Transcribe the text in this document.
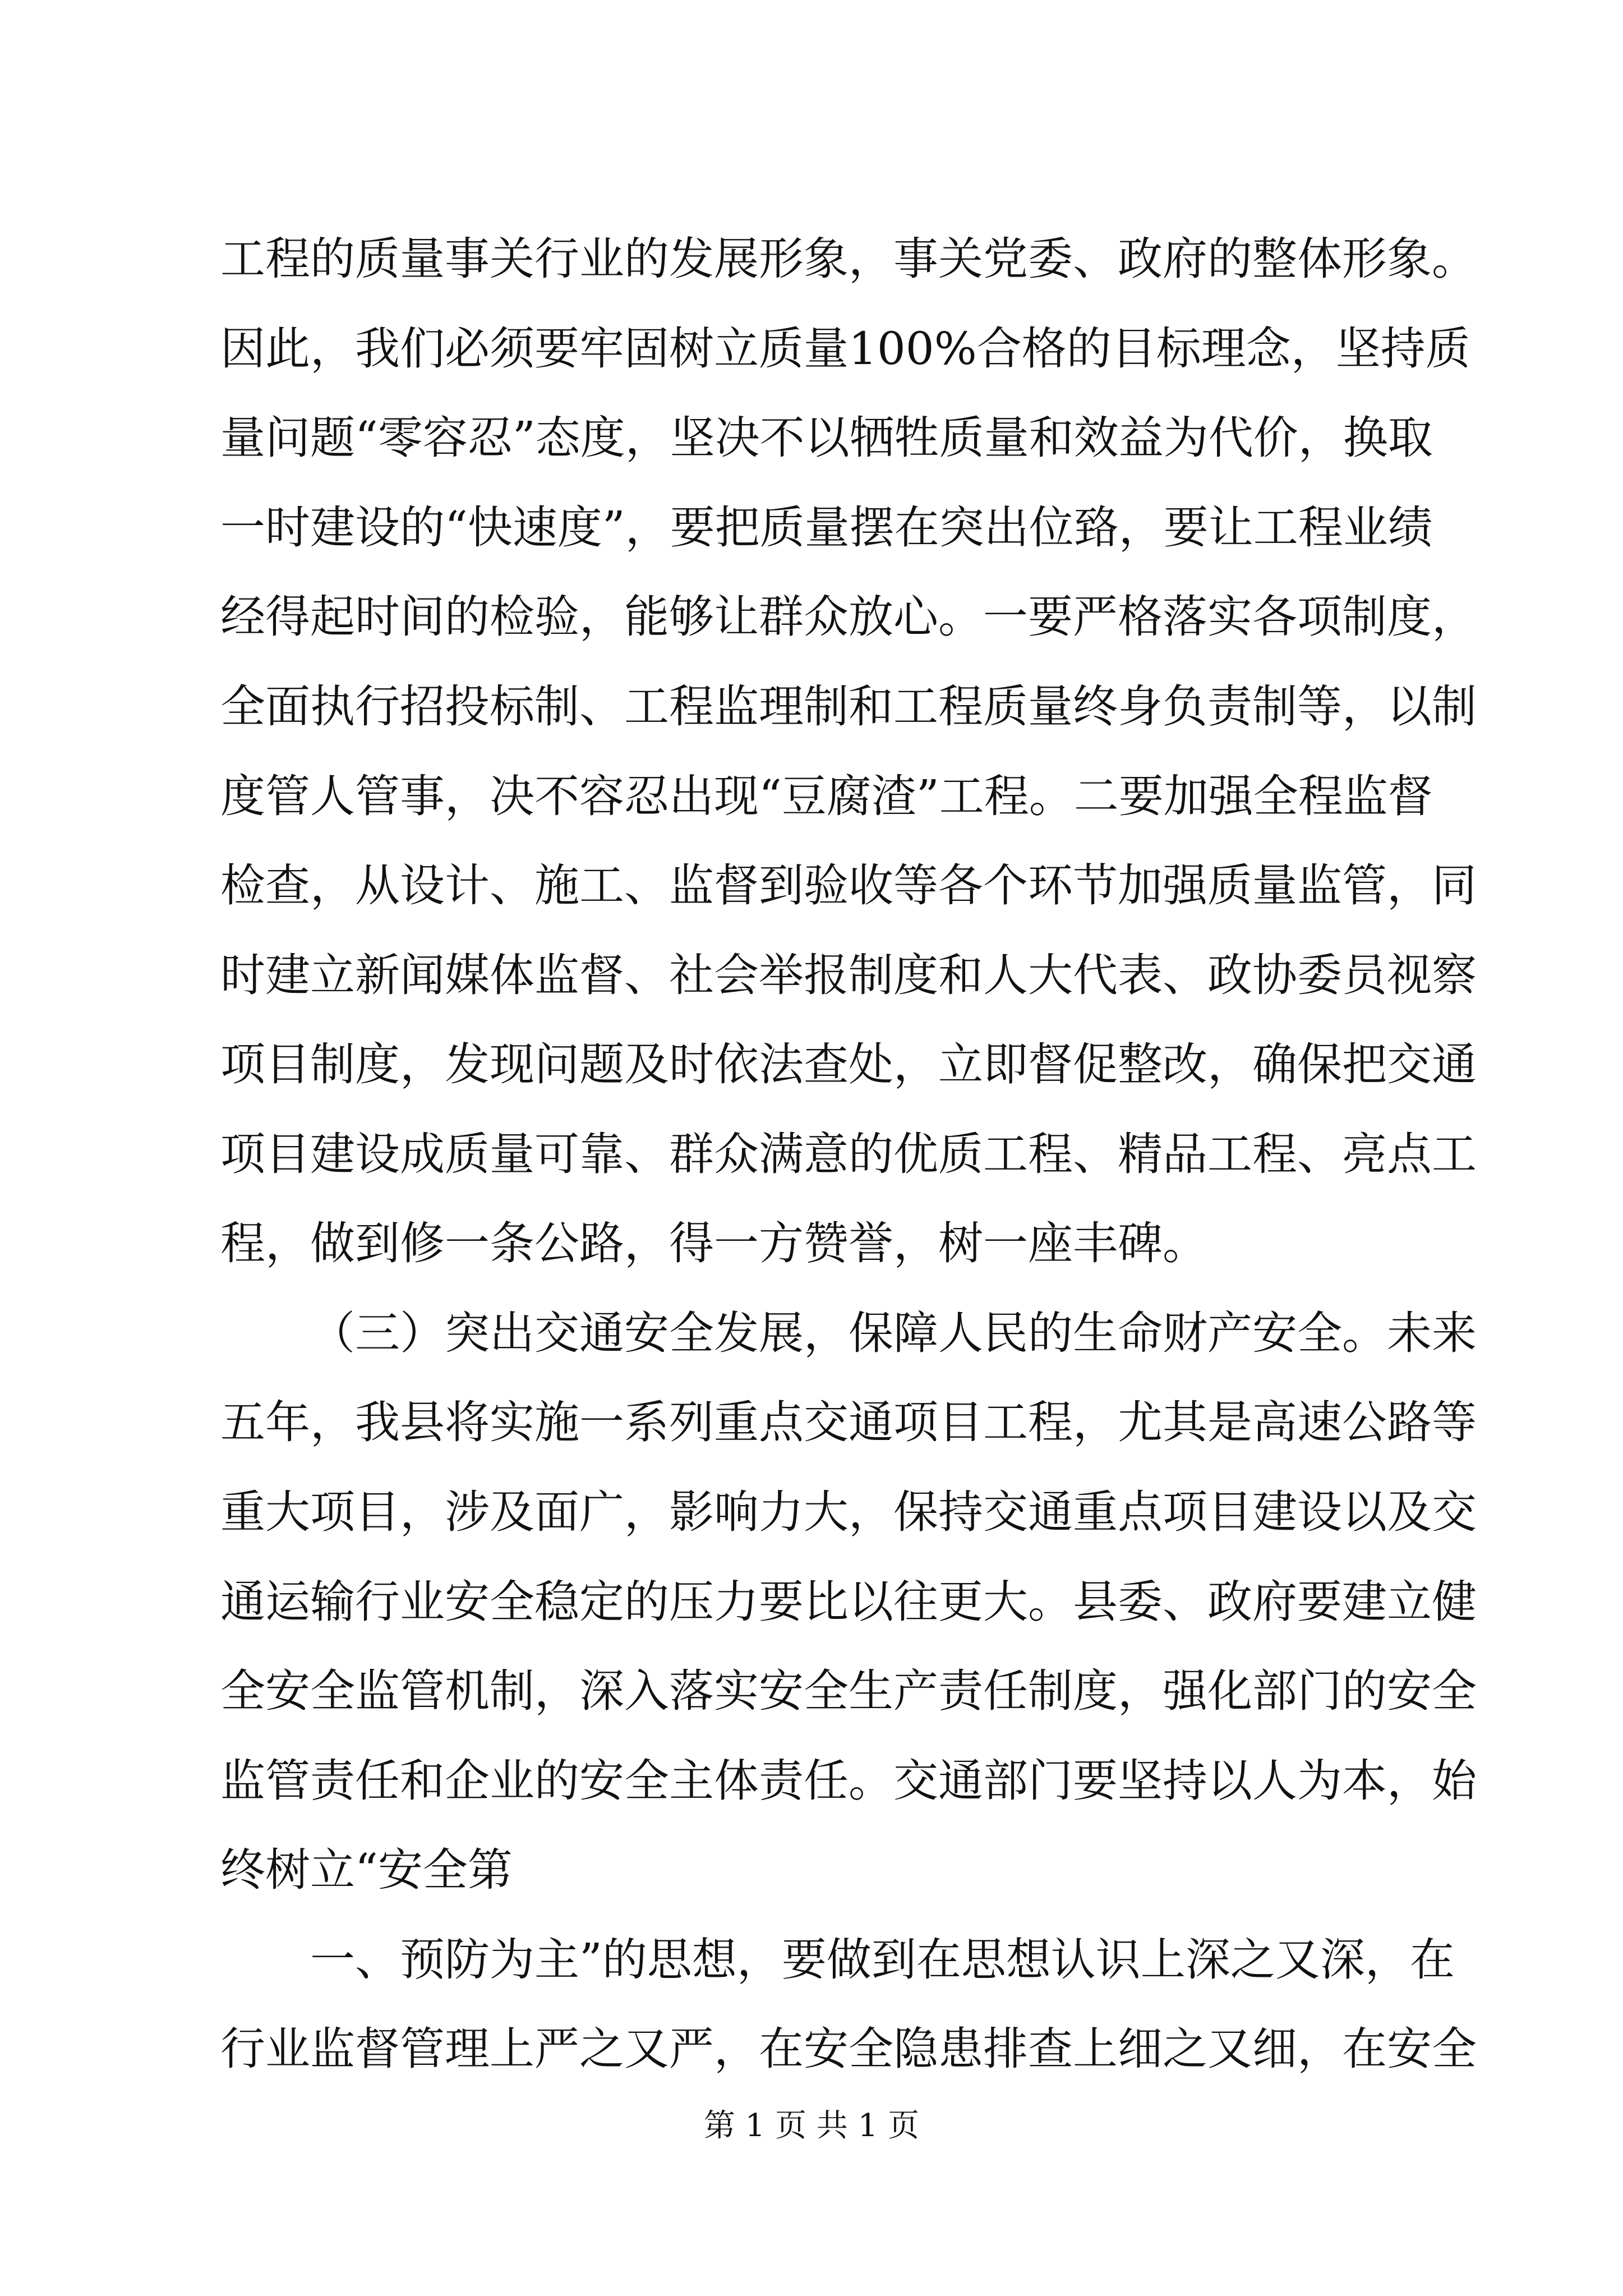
工程的质量事关行业的发展形象，事关党委、政府的整体形象。
因此，我们必须要牢固树立质量100%合格的目标理念，坚持质
量问题“零容忍”态度，坚决不以牺牲质量和效益为代价，换取
一时建设的“快速度”，要把质量摆在突出位臵，要让工程业绩
经得起时间的检验，能够让群众放心。一要严格落实各项制度，
全面执行招投标制、工程监理制和工程质量终身负责制等，以制
度管人管事，决不容忍出现“豆腐渣”工程。二要加强全程监督
检查，从设计、施工、监督到验收等各个环节加强质量监管，同
时建立新闻媒体监督、社会举报制度和人大代表、政协委员视察
项目制度，发现问题及时依法查处，立即督促整改，确保把交通
项目建设成质量可靠、群众满意的优质工程、精品工程、亮点工
程，做到修一条公路，得一方赞誉，树一座丰碑。
（三）突出交通安全发展，保障人民的生命财产安全。未来
五年，我县将实施一系列重点交通项目工程，尤其是高速公路等
重大项目，涉及面广，影响力大，保持交通重点项目建设以及交
通运输行业安全稳定的压力要比以往更大。县委、政府要建立健
全安全监管机制，深入落实安全生产责任制度，强化部门的安全
监管责任和企业的安全主体责任。交通部门要坚持以人为本，始
终树立“安全第
一、预防为主”的思想，要做到在思想认识上深之又深，在
行业监督管理上严之又严，在安全隐患排查上细之又细，在安全
第 1 页 共 1 页
